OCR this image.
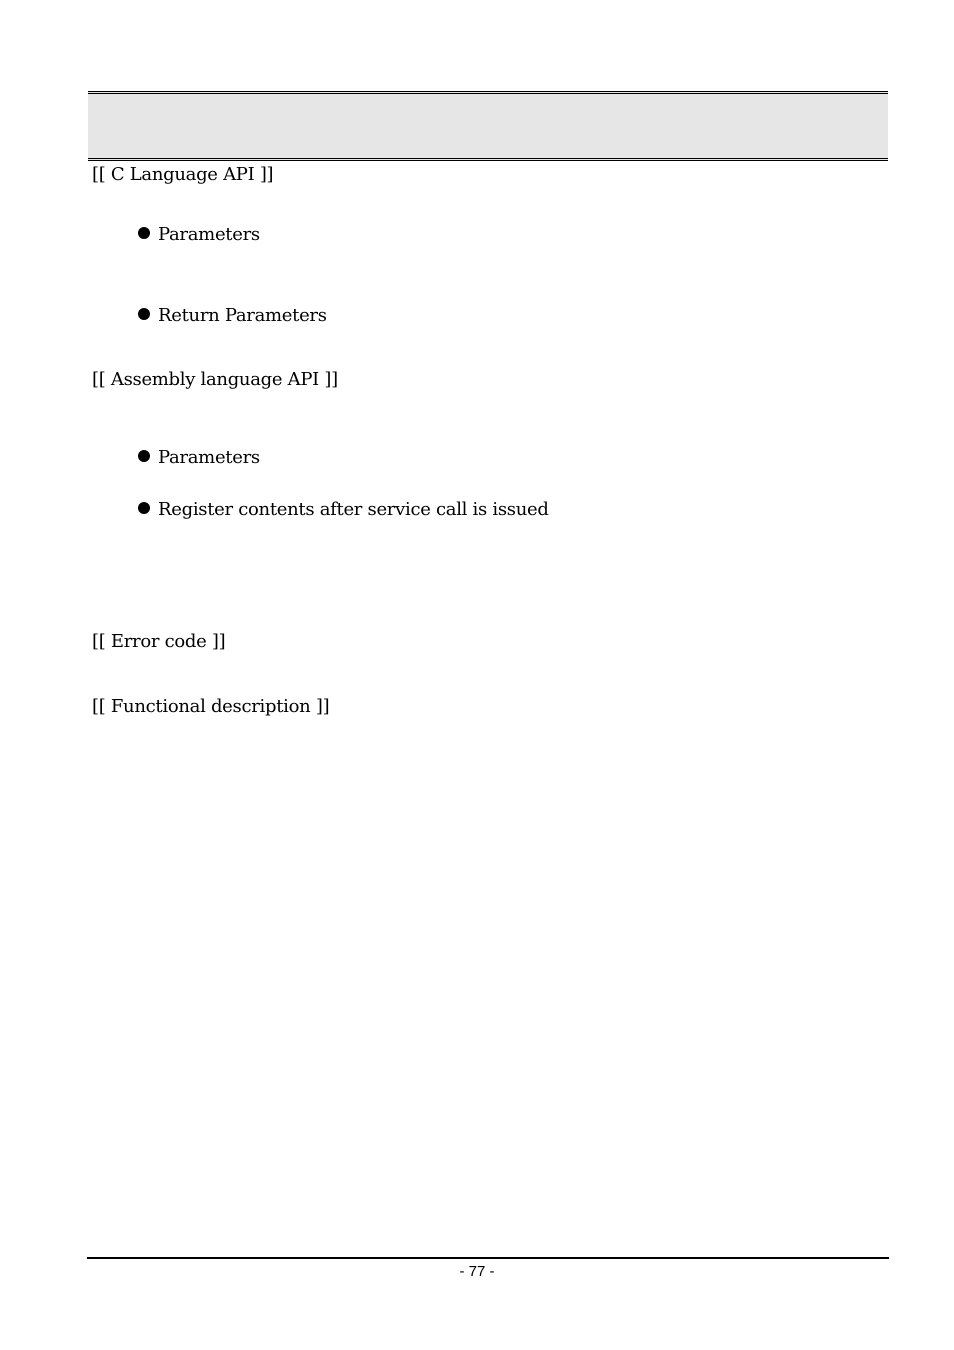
[[ C Language API ]]
Parameters
Return Parameters
[[ Assembly language API ]]
Parameters
Register contents after service call is issued
[[ Error code ]]
[[ Functional description ]]
- 77 -
